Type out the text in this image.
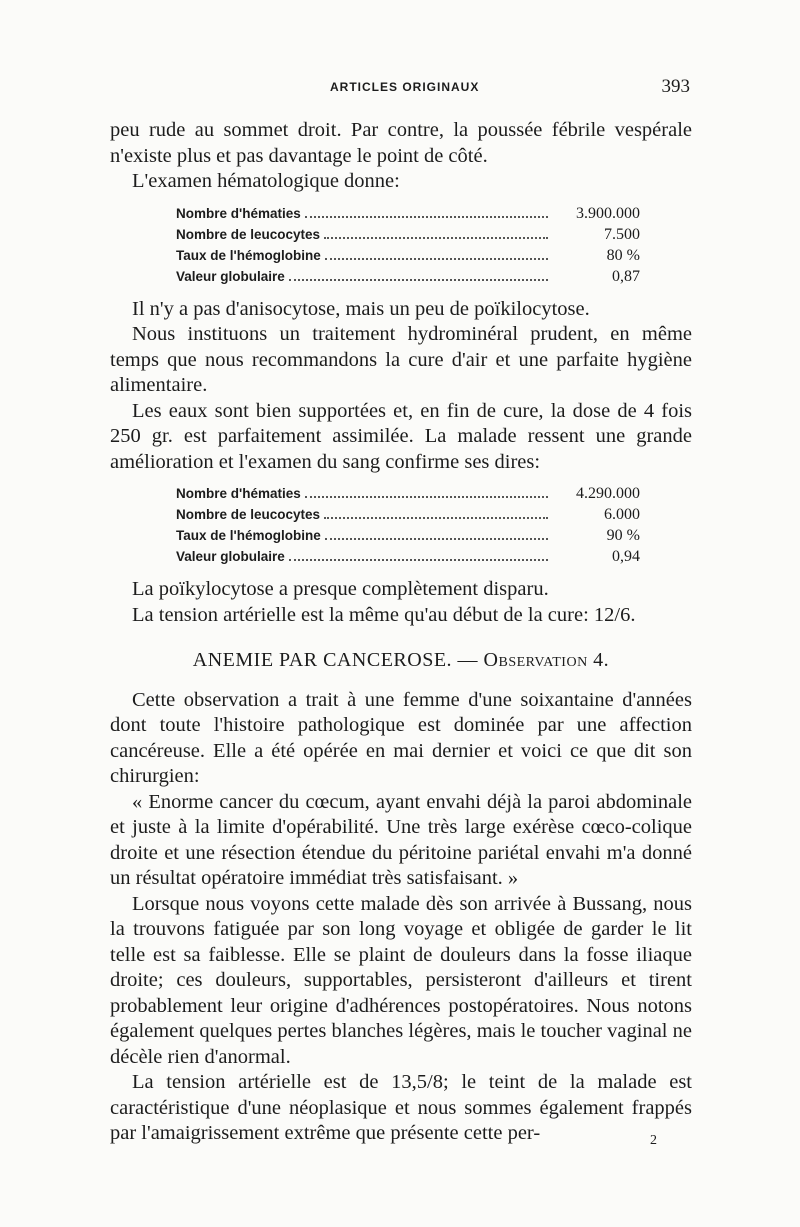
ARTICLES ORIGINAUX	393

peu rude au sommet droit. Par contre, la poussée fébrile vespérale n'existe plus et pas davantage le point de côté.

L'examen hématologique donne:

Nombre d'hématies	3.900.000
Nombre de leucocytes	7.500
Taux de l'hémoglobine	80 %
Valeur globulaire	0,87

Il n'y a pas d'anisocytose, mais un peu de poïkilocytose.

Nous instituons un traitement hydrominéral prudent, en même temps que nous recommandons la cure d'air et une parfaite hygiène alimentaire.

Les eaux sont bien supportées et, en fin de cure, la dose de 4 fois 250 gr. est parfaitement assimilée. La malade ressent une grande amélioration et l'examen du sang confirme ses dires:

Nombre d'hématies	4.290.000
Nombre de leucocytes	6.000
Taux de l'hémoglobine	90 %
Valeur globulaire	0,94

La poïkylocytose a presque complètement disparu.

La tension artérielle est la même qu'au début de la cure: 12/6.

ANEMIE PAR CANCEROSE. — Observation 4.

Cette observation a trait à une femme d'une soixantaine d'années dont toute l'histoire pathologique est dominée par une affection cancéreuse. Elle a été opérée en mai dernier et voici ce que dit son chirurgien:

« Enorme cancer du cœcum, ayant envahi déjà la paroi abdominale et juste à la limite d'opérabilité. Une très large exérèse cœco-colique droite et une résection étendue du péritoine pariétal envahi m'a donné un résultat opératoire immédiat très satisfaisant. »

Lorsque nous voyons cette malade dès son arrivée à Bussang, nous la trouvons fatiguée par son long voyage et obligée de garder le lit telle est sa faiblesse. Elle se plaint de douleurs dans la fosse iliaque droite; ces douleurs, supportables, persisteront d'ailleurs et tirent probablement leur origine d'adhérences postopératoires. Nous notons également quelques pertes blanches légères, mais le toucher vaginal ne décèle rien d'anormal.

La tension artérielle est de 13,5/8; le teint de la malade est caractéristique d'une néoplasique et nous sommes également frappés par l'amaigrissement extrême que présente cette per-	2
